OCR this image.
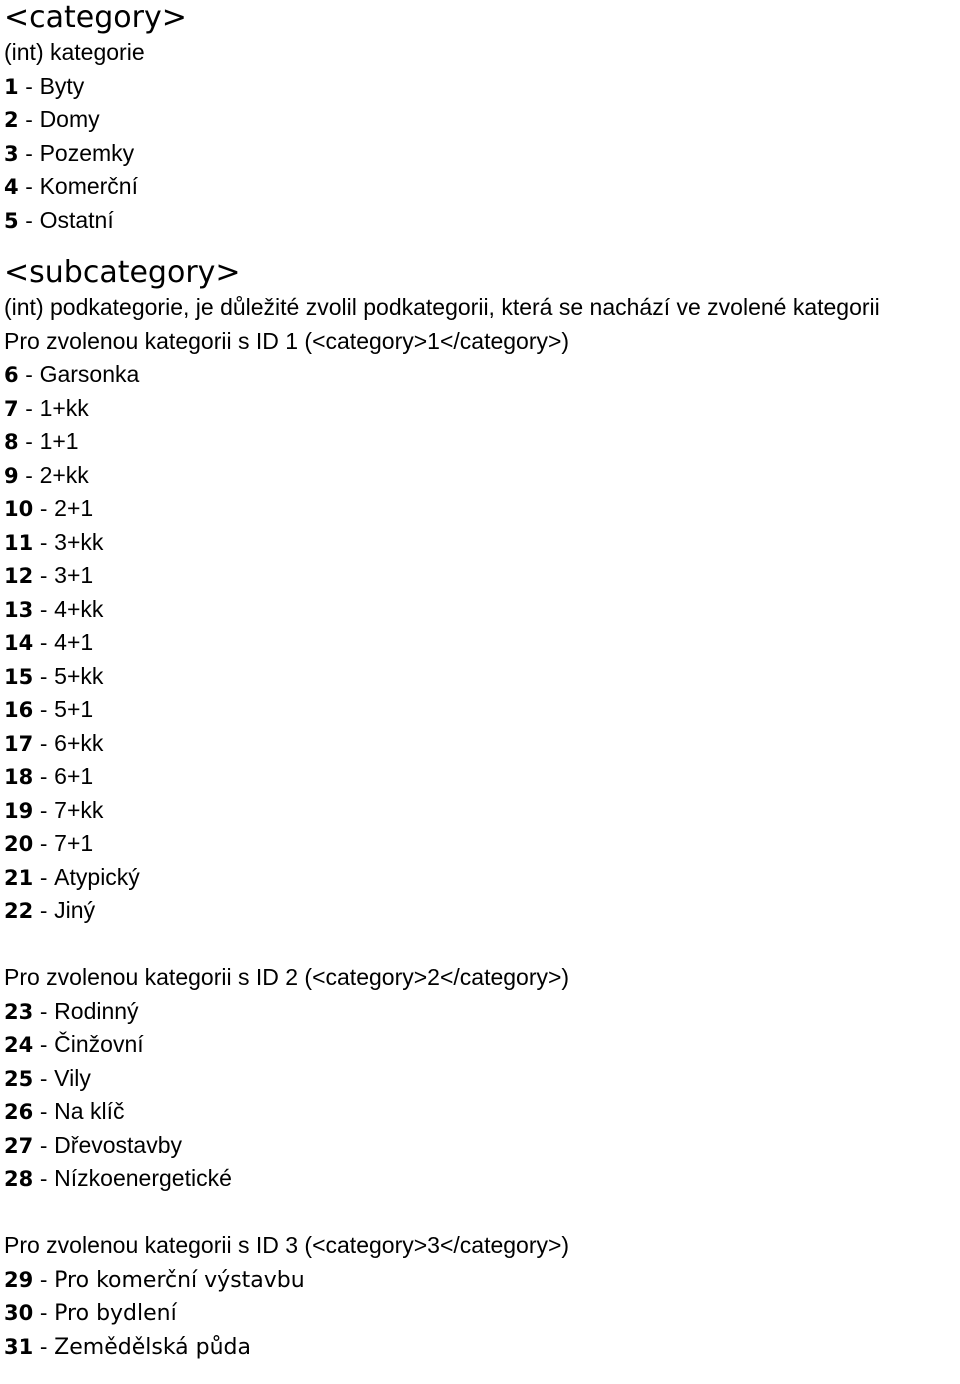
<category>
(int) kategorie
1 - Byty
2 - Domy
3 - Pozemky
4 - Komerční
5 - Ostatní
<subcategory>
(int) podkategorie, je důležité zvolil podkategorii, která se nachází ve zvolené kategorii
Pro zvolenou kategorii s ID 1 (<category>1</category>)
6 - Garsonka
7 - 1+kk
8 - 1+1
9 - 2+kk
10 - 2+1
11 - 3+kk
12 - 3+1
13 - 4+kk
14 - 4+1
15 - 5+kk
16 - 5+1
17 - 6+kk
18 - 6+1
19 - 7+kk
20 - 7+1
21 - Atypický
22 - Jiný
Pro zvolenou kategorii s ID 2 (<category>2</category>)
23 - Rodinný
24 - Činžovní
25 - Vily
26 - Na klíč
27 - Dřevostavby
28 - Nízkoenergetické
Pro zvolenou kategorii s ID 3 (<category>3</category>)
29 - Pro komerční výstavbu
30 - Pro bydlení
31 - Zemědělská půda
